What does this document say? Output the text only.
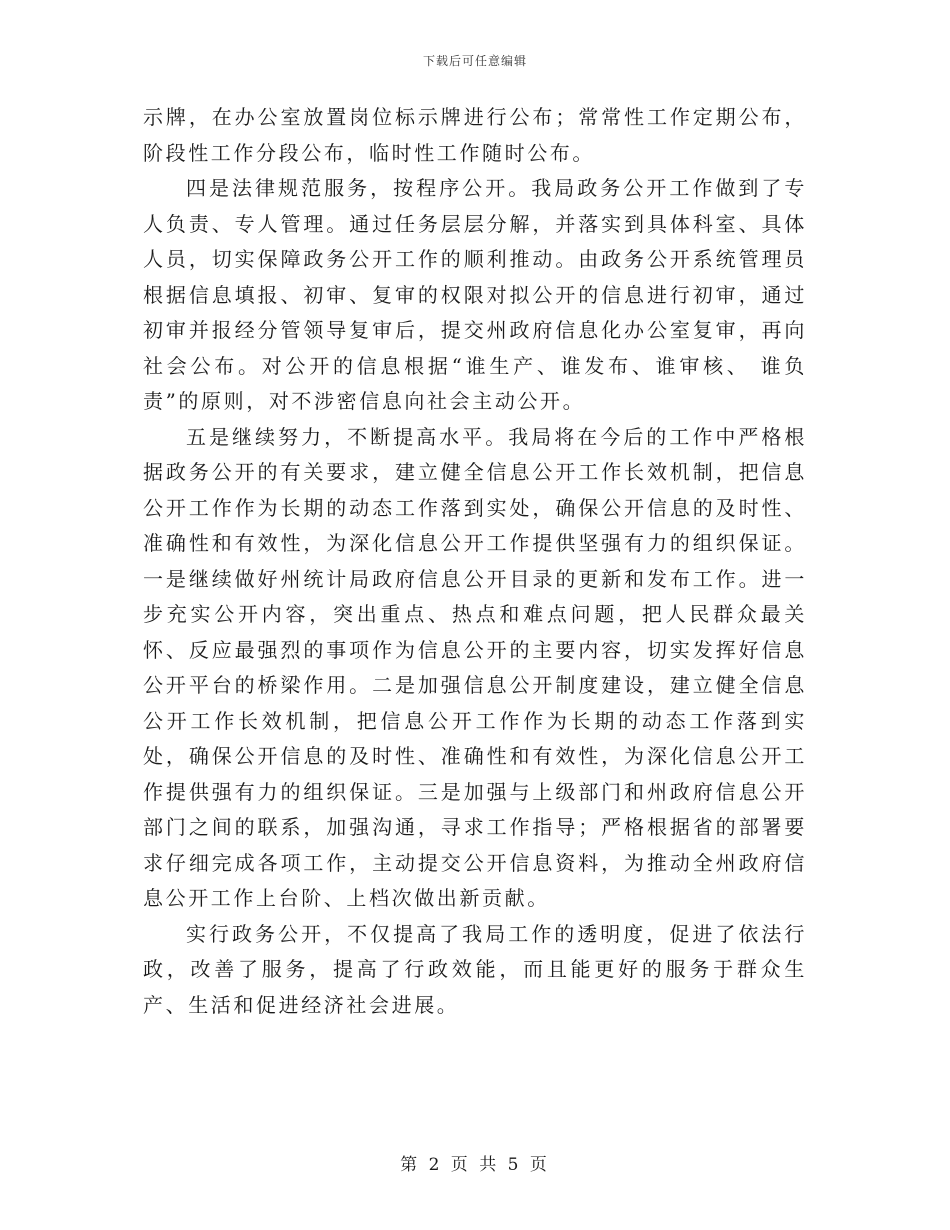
下载后可任意编辑

示牌，在办公室放置岗位标示牌进行公布；常常性工作定期公布，阶段性工作分段公布，临时性工作随时公布。

四是法律规范服务，按程序公开。我局政务公开工作做到了专人负责、专人管理。通过任务层层分解，并落实到具体科室、具体人员，切实保障政务公开工作的顺利推动。由政务公开系统管理员根据信息填报、初审、复审的权限对拟公开的信息进行初审，通过初审并报经分管领导复审后，提交州政府信息化办公室复审，再向社会公布。对公开的信息根据“谁生产、谁发布、谁审核、 谁负责”的原则，对不涉密信息向社会主动公开。

五是继续努力，不断提高水平。我局将在今后的工作中严格根据政务公开的有关要求，建立健全信息公开工作长效机制，把信息公开工作作为长期的动态工作落到实处，确保公开信息的及时性、准确性和有效性，为深化信息公开工作提供坚强有力的组织保证。一是继续做好州统计局政府信息公开目录的更新和发布工作。进一步充实公开内容，突出重点、热点和难点问题，把人民群众最关怀、反应最强烈的事项作为信息公开的主要内容，切实发挥好信息公开平台的桥梁作用。二是加强信息公开制度建设，建立健全信息公开工作长效机制，把信息公开工作作为长期的动态工作落到实处，确保公开信息的及时性、准确性和有效性，为深化信息公开工作提供强有力的组织保证。三是加强与上级部门和州政府信息公开部门之间的联系，加强沟通，寻求工作指导；严格根据省的部署要求仔细完成各项工作，主动提交公开信息资料，为推动全州政府信息公开工作上台阶、上档次做出新贡献。

实行政务公开，不仅提高了我局工作的透明度，促进了依法行政，改善了服务，提高了行政效能，而且能更好的服务于群众生产、生活和促进经济社会进展。

第 2 页 共 5 页
